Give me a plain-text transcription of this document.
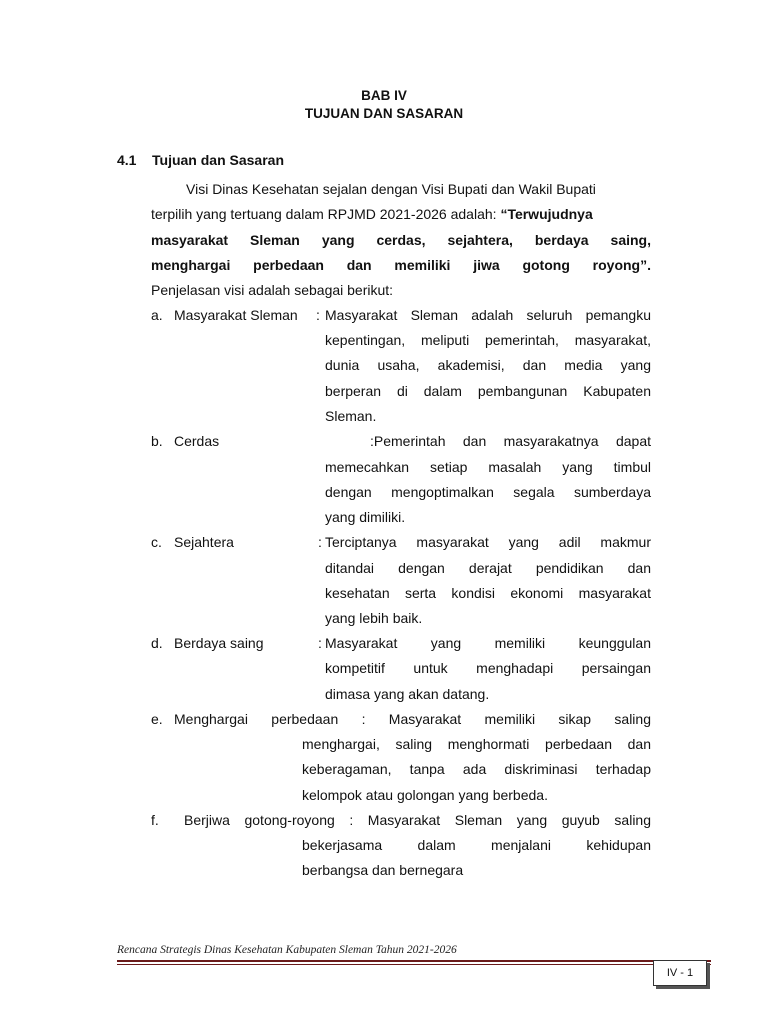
BAB IV
TUJUAN DAN SASARAN
4.1 Tujuan dan Sasaran
Visi Dinas Kesehatan sejalan dengan Visi Bupati dan Wakil Bupati
terpilih yang tertuang dalam RPJMD 2021-2026 adalah: “Terwujudnya
masyarakat Sleman yang cerdas, sejahtera, berdaya saing,
menghargai perbedaan dan memiliki jiwa gotong royong”.
Penjelasan visi adalah sebagai berikut:
a. Masyarakat Sleman : Masyarakat Sleman adalah seluruh pemangku
kepentingan, meliputi pemerintah, masyarakat,
dunia usaha, akademisi, dan media yang
berperan di dalam pembangunan Kabupaten
Sleman.
b. Cerdas	:Pemerintah dan masyarakatnya dapat
memecahkan setiap masalah yang timbul
dengan mengoptimalkan segala sumberdaya
yang dimiliki.
c. Sejahtera	: Terciptanya masyarakat yang adil makmur
ditandai dengan derajat pendidikan dan
kesehatan serta kondisi ekonomi masyarakat
yang lebih baik.
d. Berdaya saing	: Masyarakat yang memiliki keunggulan
kompetitif untuk menghadapi persaingan
dimasa yang akan datang.
e. Menghargai perbedaan : Masyarakat memiliki sikap saling
menghargai, saling menghormati perbedaan dan
keberagaman, tanpa ada diskriminasi terhadap
kelompok atau golongan yang berbeda.
f. Berjiwa gotong-royong : Masyarakat Sleman yang guyub saling
bekerjasama dalam menjalani kehidupan
berbangsa dan bernegara
Rencana Strategis Dinas Kesehatan Kabupaten Sleman Tahun 2021-2026
IV - 1
